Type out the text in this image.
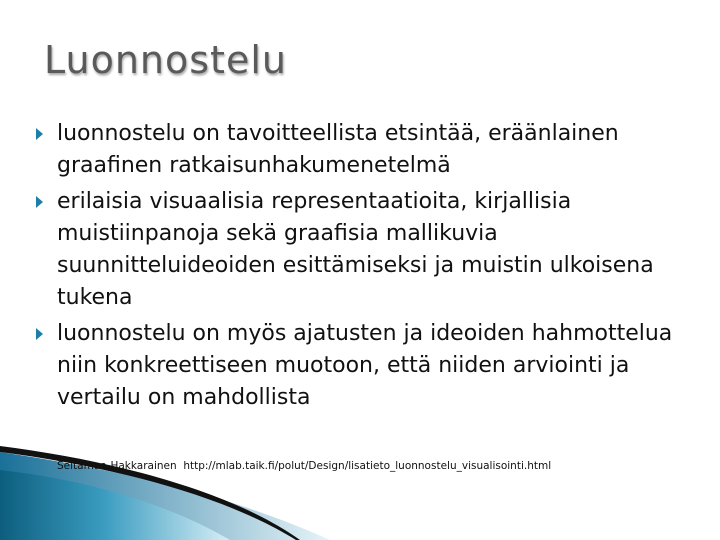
Luonnostelu
luonnostelu on tavoitteellista etsintää, eräänlainen graafinen ratkaisunhakumenetelmä
erilaisia visuaalisia representaatioita, kirjallisia muistiinpanoja sekä graafisia mallikuvia suunnitteluideoiden esittämiseksi ja muistin ulkoisena tukena
luonnostelu on myös ajatusten ja ideoiden hahmottelua niin konkreettiseen muotoon, että niiden arviointi ja vertailu on mahdollista

Seitamaa-Hakkarainen  http://mlab.taik.fi/polut/Design/lisatieto_luonnostelu_visualisointi.html
